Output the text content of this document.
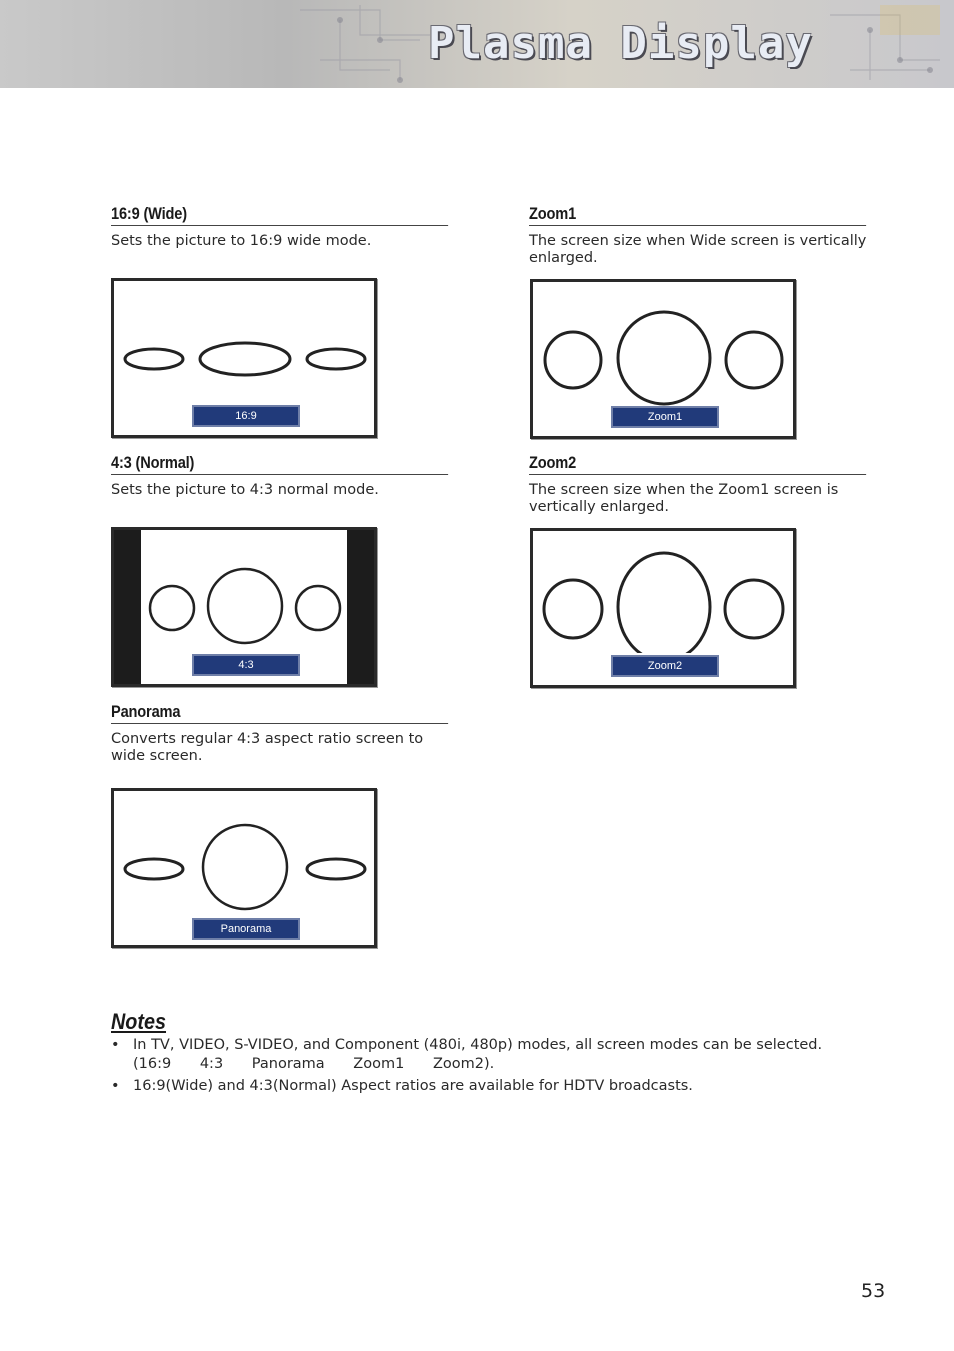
Plasma Display
16:9 (Wide)

Sets the picture to 16:9 wide mode.

16:9
4:3 (Normal)

Sets the picture to 4:3 normal mode.

4:3
Panorama

Converts regular 4:3 aspect ratio screen to wide screen.

Panorama
Zoom1

The screen size when Wide screen is vertically enlarged.

Zoom1
Zoom2

The screen size when the Zoom1 screen is vertically enlarged.

Zoom2
Notes
• In TV, VIDEO, S-VIDEO, and Component (480i, 480p) modes, all screen modes can be selected.
(16:9 4:3 Panorama Zoom1 Zoom2).
• 16:9(Wide) and 4:3(Normal) Aspect ratios are available for HDTV broadcasts.
53
